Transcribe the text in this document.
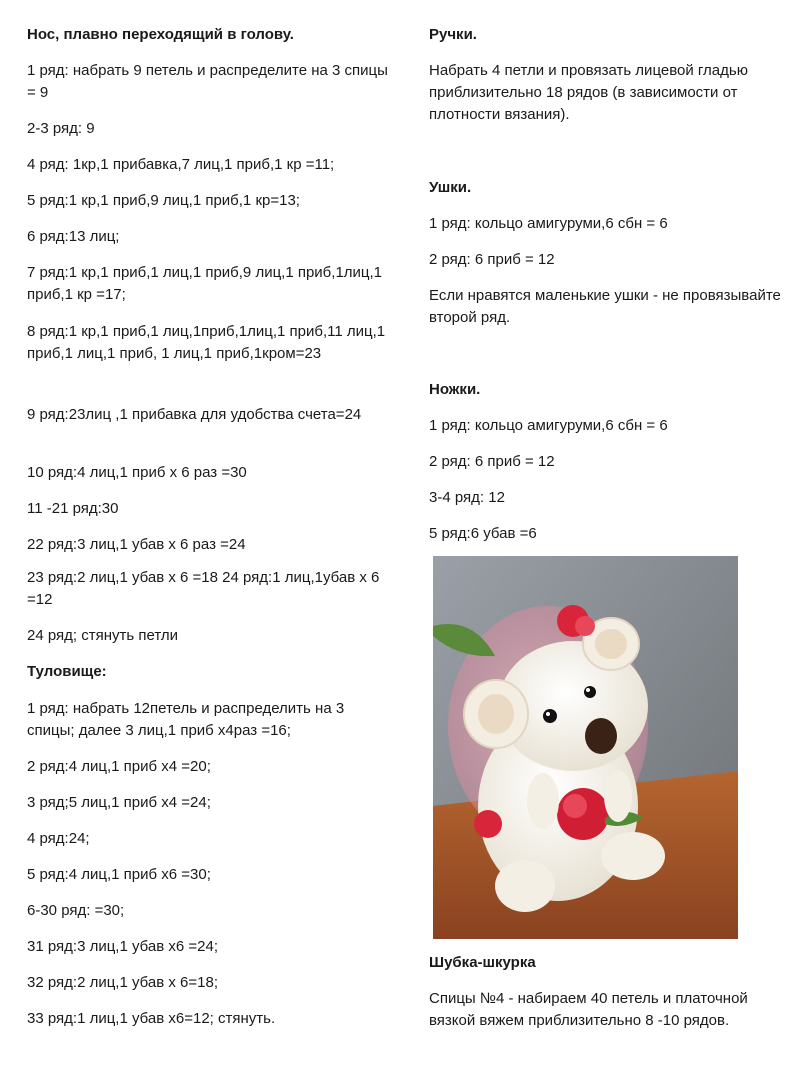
Нос, плавно переходящий в голову.

1 ряд: набрать 9 петель и распределите на 3 спицы = 9

2-3 ряд: 9

4 ряд: 1кр,1 прибавка,7 лиц,1 приб,1 кр =11;

5 ряд:1 кр,1 приб,9 лиц,1 приб,1 кр=13;

6 ряд:13 лиц;

7 ряд:1 кр,1 приб,1 лиц,1 приб,9 лиц,1 приб,1лиц,1 приб,1 кр =17;

8 ряд:1 кр,1 приб,1 лиц,1приб,1лиц,1 приб,11 лиц,1 приб,1 лиц,1 приб, 1 лиц,1 приб,1кром=23

9 ряд:23лиц ,1 прибавка для удобства счета=24

10 ряд:4 лиц,1 приб х 6 раз =30

11 -21 ряд:30

22 ряд:3 лиц,1 убав х 6 раз =24

23 ряд:2 лиц,1 убав х 6 =18 24 ряд:1 лиц,1убав х 6 =12

24 ряд; стянуть петли

Туловище:

1 ряд: набрать 12петель и распределить на 3 спицы; далее 3 лиц,1 приб х4раз =16;

2 ряд:4 лиц,1 приб х4 =20;

3 ряд;5 лиц,1 приб х4 =24;

4 ряд:24;

5 ряд:4 лиц,1 приб х6 =30;

6-30 ряд: =30;

31 ряд:3 лиц,1 убав х6 =24;

32 ряд:2 лиц,1 убав х 6=18;

33 ряд:1 лиц,1 убав х6=12; стянуть.

Ручки.

Набрать 4 петли и провязать лицевой гладью приблизительно 18 рядов (в зависимости от плотности вязания).

Ушки.

1 ряд: кольцо амигуруми,6 сбн = 6

2 ряд: 6 приб = 12

Если нравятся маленькие ушки - не провязывайте второй ряд.

Ножки.

1 ряд: кольцо амигуруми,6 сбн = 6

2 ряд: 6 приб = 12

3-4 ряд: 12

5 ряд:6 убав =6

Шубка-шкурка

Спицы №4 - набираем 40 петель и платочной вязкой вяжем приблизительно 8 -10 рядов.
